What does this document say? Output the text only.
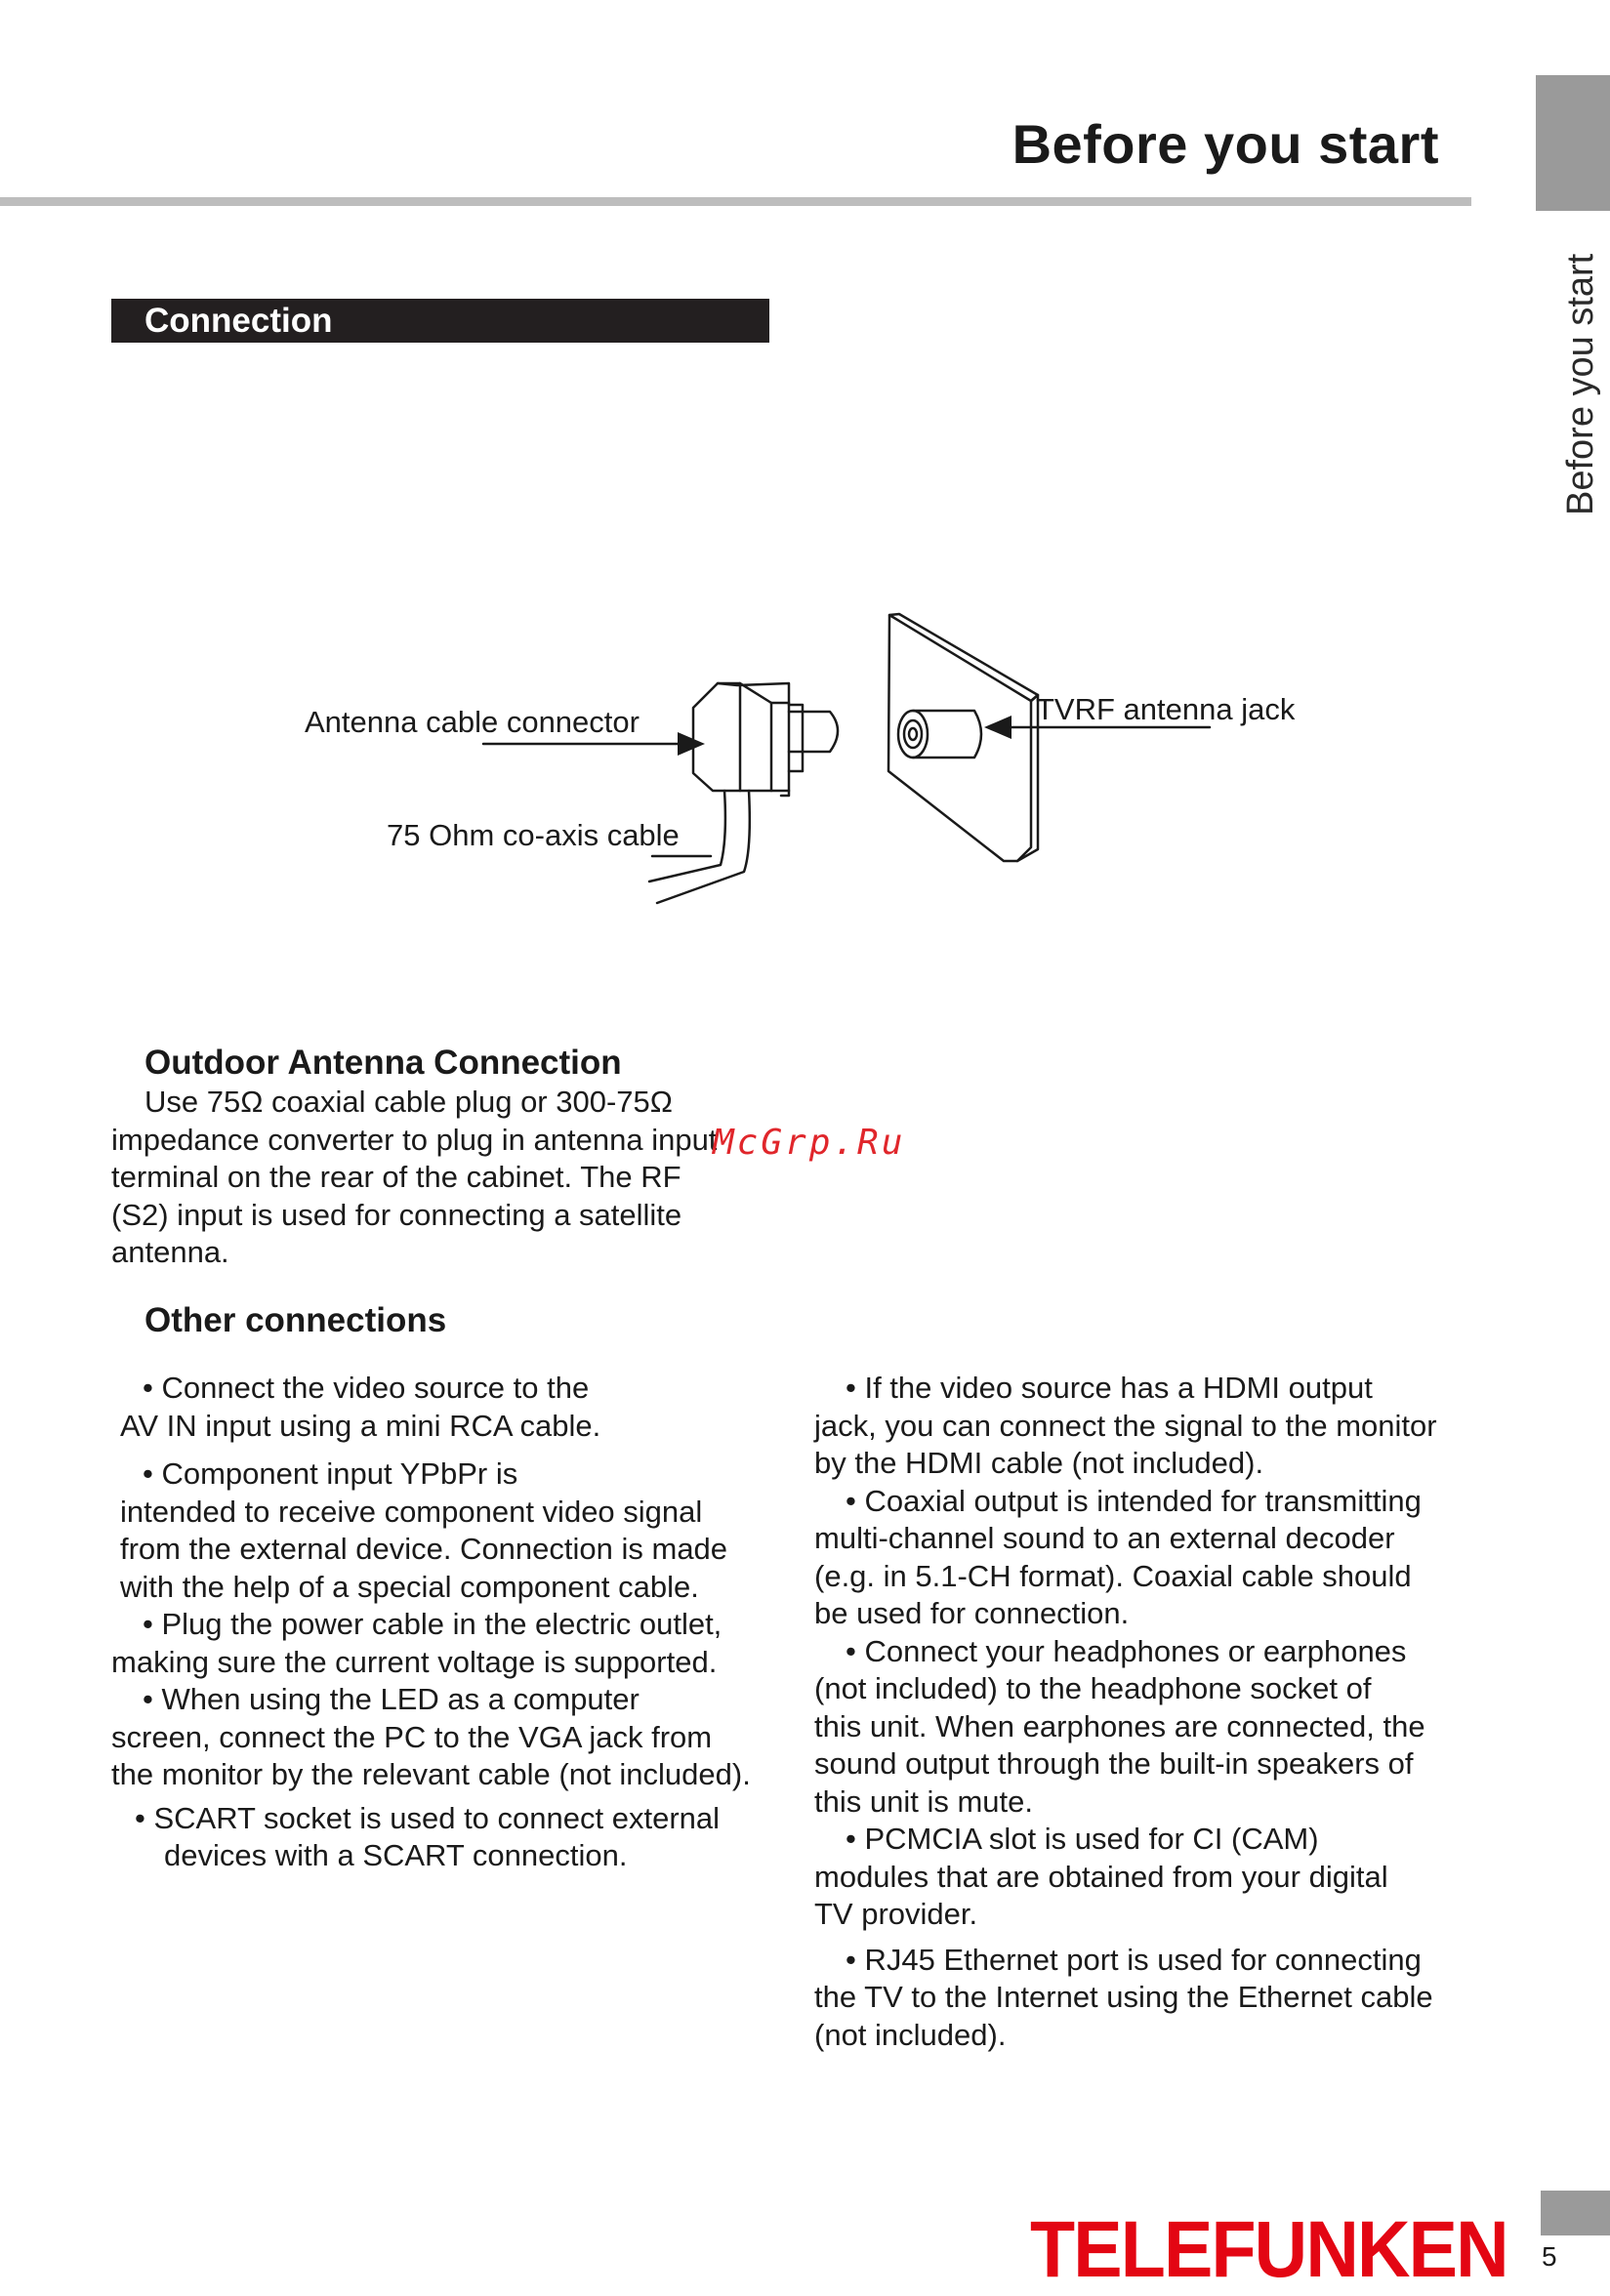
Before you start
Before you start
Connection
Antenna cable connector
75 Ohm co-axis cable
TVRF antenna jack
Outdoor Antenna Connection

Use 75Ω coaxial cable plug or 300-75Ω

impedance converter to plug in antenna input

terminal on the rear of the cabinet. The RF

(S2) input is used for connecting a satellite

antenna.

McGrp.Ru
Other connections

• Connect the video source to the

AV IN input using a mini RCA cable.

• Component input YPbPr is

intended to receive component video signal

from the external device. Connection is made

with the help of a special component cable.

• Plug the power cable in the electric outlet,

making sure the current voltage is supported.

• When using the LED as a computer

screen, connect the PC to the VGA jack from

the monitor by the relevant cable (not included).

• SCART socket is used to connect external

devices with a SCART connection.

• If the video source has a HDMI output

jack, you can connect the signal to the monitor

by the HDMI cable (not included).

• Coaxial output is intended for transmitting

multi-channel sound to an external decoder

(e.g. in 5.1-CH format). Coaxial cable should

be used for connection.

• Connect your headphones or earphones

(not included) to the headphone socket of

this unit. When earphones are connected, the

sound output through the built-in speakers of

this unit is mute.

• PCMCIA slot is used for CI (CAM)

modules that are obtained from your digital

TV provider.

• RJ45 Ethernet port is used for connecting

the TV to the Internet using the Ethernet cable

(not included).

TELEFUNKEN 5
